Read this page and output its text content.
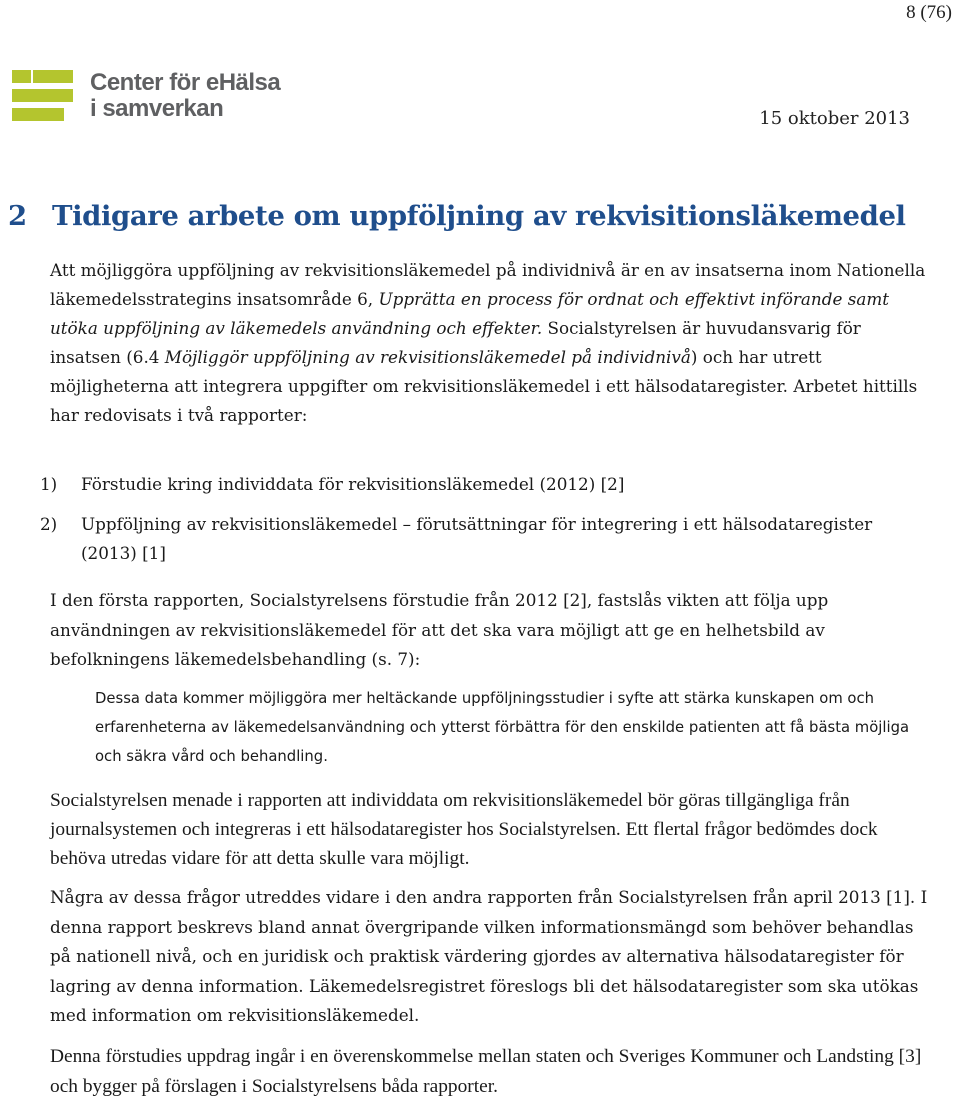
8 (76)
Center för eHälsa
i samverkan	15 oktober 2013
2 Tidigare arbete om uppföljning av rekvisitionsläkemedel

Att möjliggöra uppföljning av rekvisitionsläkemedel på individnivå är en av insatserna inom Nationella läkemedelsstrategins insatsområde 6, Upprätta en process för ordnat och effektivt införande samt utöka uppföljning av läkemedels användning och effekter. Socialstyrelsen är huvudansvarig för insatsen (6.4 Möjliggör uppföljning av rekvisitionsläkemedel på individnivå) och har utrett möjligheterna att integrera uppgifter om rekvisitionsläkemedel i ett hälsodataregister. Arbetet hittills har redovisats i två rapporter:

1) Förstudie kring individdata för rekvisitionsläkemedel (2012) [2]
2) Uppföljning av rekvisitionsläkemedel – förutsättningar för integrering i ett hälsodataregister (2013) [1]

I den första rapporten, Socialstyrelsens förstudie från 2012 [2], fastslås vikten att följa upp användningen av rekvisitionsläkemedel för att det ska vara möjligt att ge en helhetsbild av befolkningens läkemedelsbehandling (s. 7):

Dessa data kommer möjliggöra mer heltäckande uppföljningsstudier i syfte att stärka kunskapen om och erfarenheterna av läkemedelsanvändning och ytterst förbättra för den enskilde patienten att få bästa möjliga och säkra vård och behandling.

Socialstyrelsen menade i rapporten att individdata om rekvisitionsläkemedel bör göras tillgängliga från journalsystemen och integreras i ett hälsodataregister hos Socialstyrelsen. Ett flertal frågor bedömdes dock behöva utredas vidare för att detta skulle vara möjligt.

Några av dessa frågor utreddes vidare i den andra rapporten från Socialstyrelsen från april 2013 [1]. I denna rapport beskrevs bland annat övergripande vilken informationsmängd som behöver behandlas på nationell nivå, och en juridisk och praktisk värdering gjordes av alternativa hälsodataregister för lagring av denna information. Läkemedelsregistret föreslogs bli det hälsodataregister som ska utökas med information om rekvisitionsläkemedel.

Denna förstudies uppdrag ingår i en överenskommelse mellan staten och Sveriges Kommuner och Landsting [3] och bygger på förslagen i Socialstyrelsens båda rapporter.
